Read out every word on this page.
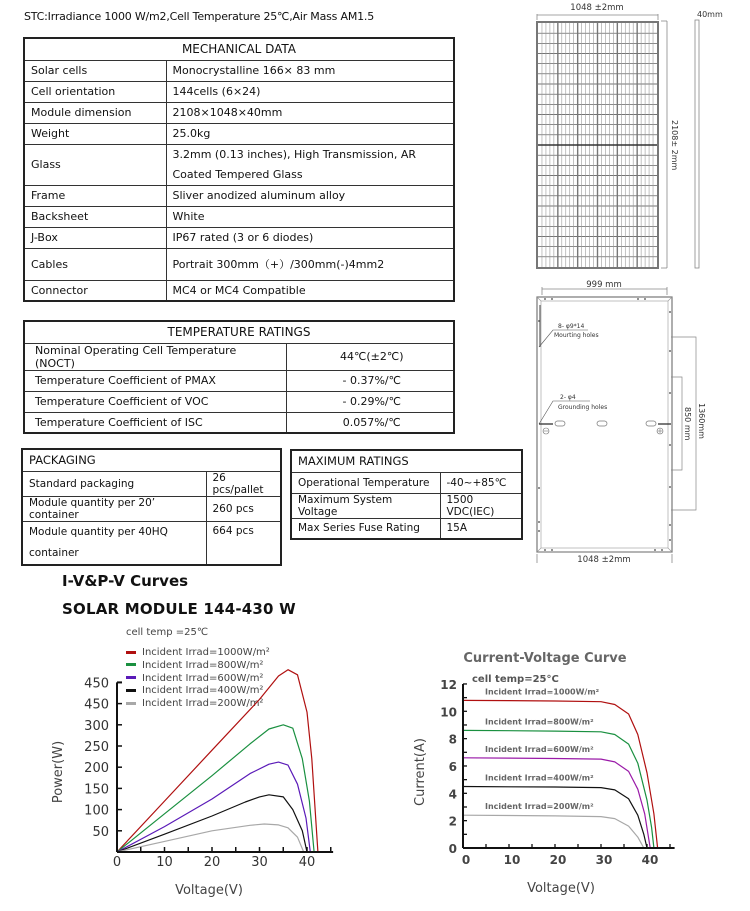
STC:Irradiance 1000 W/m2,Cell Temperature 25℃,Air Mass AM1.5
MECHANICAL DATA	
Solar cells	Monocrystalline 166× 83 mm
Cell orientation	144cells (6×24)
Module dimension	2108×1048×40mm
Weight	25.0kg
Glass	3.2mm (0.13 inches), High Transmission, AR Coated Tempered Glass
Frame	Sliver anodized aluminum alloy
Backsheet	White
J-Box	IP67 rated (3 or 6 diodes)
Cables	Portrait 300mm（+）/300mm(-)4mm2
Connector	MC4 or MC4 Compatible
TEMPERATURE RATINGS	
Nominal Operating Cell Temperature (NOCT)	44℃(±2℃)
Temperature Coefficient of PMAX	- 0.37%/℃
Temperature Coefficient of VOC	- 0.29%/℃
Temperature Coefficient of ISC	0.057%/℃
PACKAGING	
Standard packaging	26 pcs/pallet
Module quantity per 20’ container	260 pcs
Module quantity per 40HQ container	664 pcs
MAXIMUM RATINGS	
Operational Temperature	-40~+85℃
Maximum System Voltage	1500 VDC(IEC)
Max Series Fuse Rating	15A
1048 ±2mm
2108± 2mm
40mm
999 mm
8- φ9*14
Mourting holes
2- φ4
Grounding holes	850 mm 1360mm
1048 ±2mm
I-V&P-V Curves
SOLAR MODULE 144-430 W
cell temp =25℃
Incident Irrad=1000W/m²
Incident Irrad=800W/m²
Incident Irrad=600W/m²
Incident Irrad=400W/m²
Incident Irrad=200W/m²
0	10 20 30 40
50
100
150
200
250
300
450
450
Voltage(V)
Power(W)
Current-Voltage Curve
cell temp=25°C
0	10 20 30 40
0
2
4
6
8
10
12	Incident Irrad=1000W/m²
Incident Irrad=800W/m²
Incident Irrad=600W/m²
Incident Irrad=400W/m²
Incident Irrad=200W/m²
Voltage(V)
Current(A)
